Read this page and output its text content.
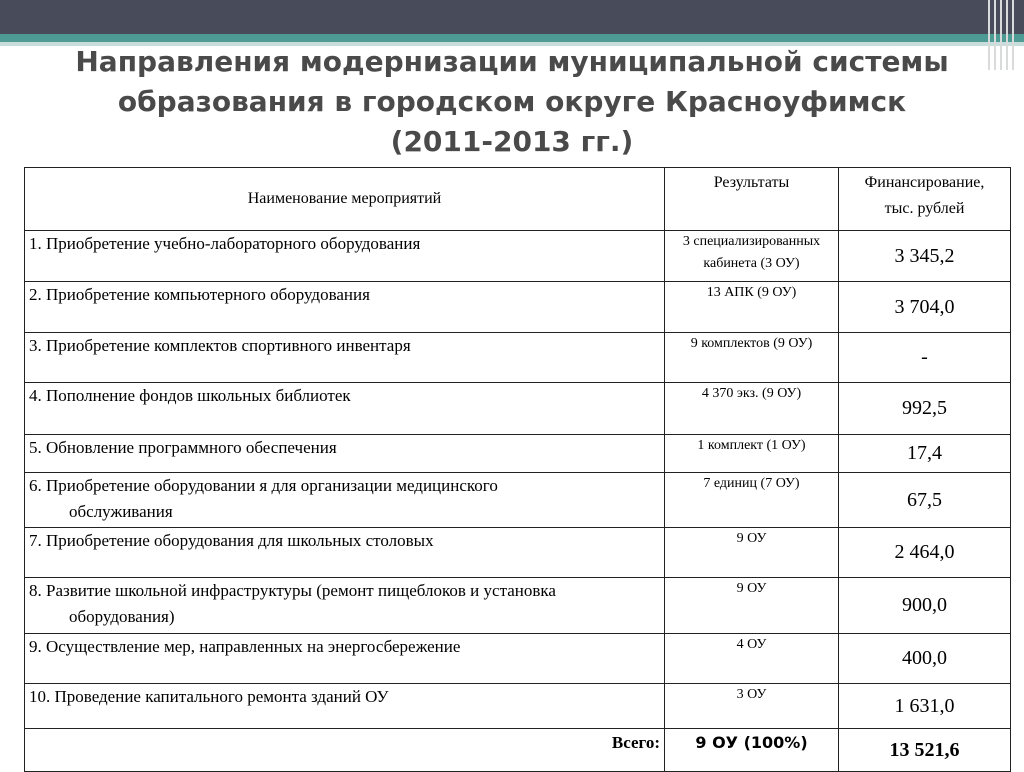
Направления модернизации муниципальной системы
образования в городском округе Красноуфимск
(2011-2013 гг.)
Наименование мероприятий	Результаты	Финансирование,
тыс. рублей

1. Приобретение учебно-лабораторного оборудования	3 специализированных
кабинета (3 ОУ)	3 345,2

2. Приобретение компьютерного оборудования	13 АПК (9 ОУ)	3 704,0

3. Приобретение комплектов спортивного инвентаря	9 комплектов (9 ОУ)	-

4. Пополнение фондов школьных библиотек	4 370 экз. (9 ОУ)	992,5

5. Обновление программного обеспечения	1 комплект (1 ОУ)	17,4

6. Приобретение оборудовании я для организации медицинского
обслуживания	7 единиц (7 ОУ)	67,5

7. Приобретение оборудования для школьных столовых	9 ОУ	2 464,0

8. Развитие школьной инфраструктуры (ремонт пищеблоков и установка
оборудования)	9 ОУ	900,0

9. Осуществление мер, направленных на энергосбережение	4 ОУ	400,0

10. Проведение капитального ремонта зданий ОУ	3 ОУ	1 631,0
Всего:	9 ОУ (100%)	13 521,6
